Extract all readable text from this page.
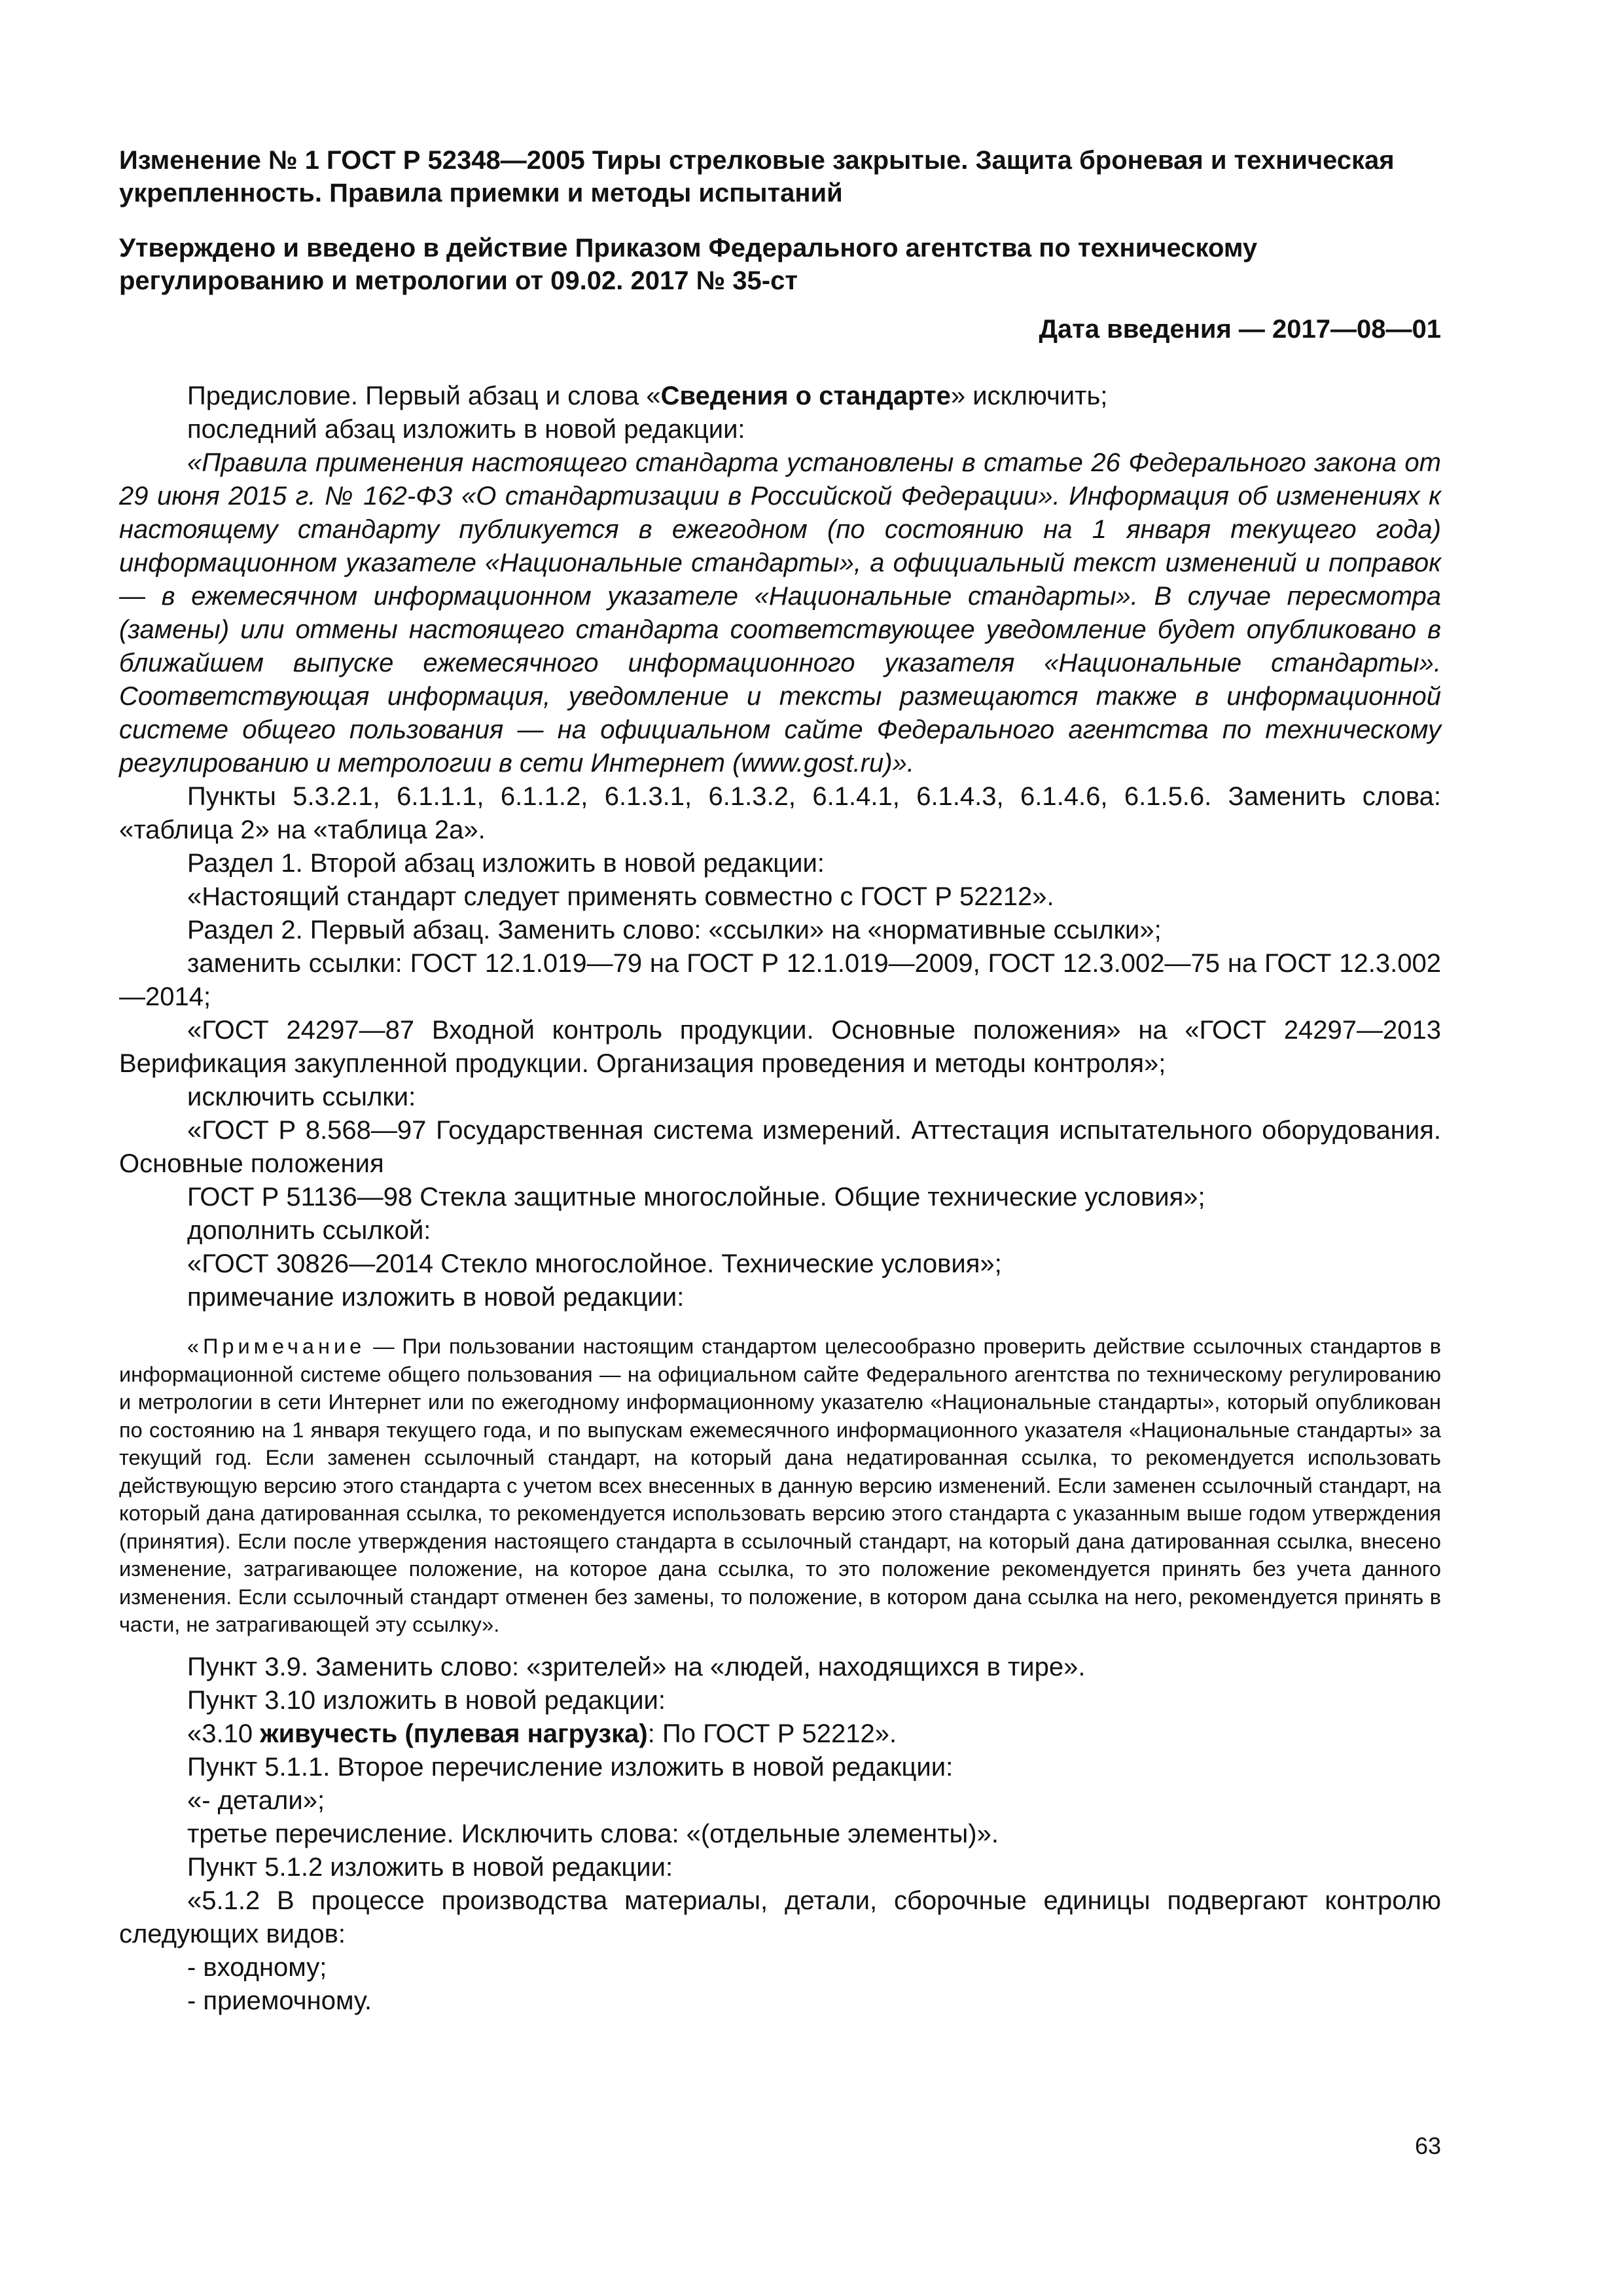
Изменение № 1 ГОСТ Р 52348—2005 Тиры стрелковые закрытые. Защита броневая и техническая укрепленность. Правила приемки и методы испытаний

Утверждено и введено в действие Приказом Федерального агентства по техническому регулированию и метрологии от 09.02. 2017 № 35-ст

Дата введения — 2017—08—01

Предисловие. Первый абзац и слова «Сведения о стандарте» исключить;

последний абзац изложить в новой редакции:

«Правила применения настоящего стандарта установлены в статье 26 Федерального закона от 29 июня 2015 г. № 162-ФЗ «О стандартизации в Российской Федерации». Информация об изменениях к настоящему стандарту публикуется в ежегодном (по состоянию на 1 января текущего года) информационном указателе «Национальные стандарты», а официальный текст изменений и поправок — в ежемесячном информационном указателе «Национальные стандарты». В случае пересмотра (замены) или отмены настоящего стандарта соответствующее уведомление будет опубликовано в ближайшем выпуске ежемесячного информационного указателя «Национальные стандарты». Соответствующая информация, уведомление и тексты размещаются также в информационной системе общего пользования — на официальном сайте Федерального агентства по техническому регулированию и метрологии в сети Интернет (www.gost.ru)».

Пункты 5.3.2.1, 6.1.1.1, 6.1.1.2, 6.1.3.1, 6.1.3.2, 6.1.4.1, 6.1.4.3, 6.1.4.6, 6.1.5.6. Заменить слова: «таблица 2» на «таблица 2а».

Раздел 1. Второй абзац изложить в новой редакции:

«Настоящий стандарт следует применять совместно с ГОСТ Р 52212».

Раздел 2. Первый абзац. Заменить слово: «ссылки» на «нормативные ссылки»;

заменить ссылки: ГОСТ 12.1.019—79 на ГОСТ Р 12.1.019—2009, ГОСТ 12.3.002—75 на ГОСТ 12.3.002—2014;

«ГОСТ 24297—87 Входной контроль продукции. Основные положения» на «ГОСТ 24297—2013 Верификация закупленной продукции. Организация проведения и методы контроля»;

исключить ссылки:

«ГОСТ Р 8.568—97 Государственная система измерений. Аттестация испытательного оборудования. Основные положения

ГОСТ Р 51136—98 Стекла защитные многослойные. Общие технические условия»;

дополнить ссылкой:

«ГОСТ 30826—2014 Стекло многослойное. Технические условия»;

примечание изложить в новой редакции:

«Примечание — При пользовании настоящим стандартом целесообразно проверить действие ссылочных стандартов в информационной системе общего пользования — на официальном сайте Федерального агентства по техническому регулированию и метрологии в сети Интернет или по ежегодному информационному указателю «Национальные стандарты», который опубликован по состоянию на 1 января текущего года, и по выпускам ежемесячного информационного указателя «Национальные стандарты» за текущий год. Если заменен ссылочный стандарт, на который дана недатированная ссылка, то рекомендуется использовать действующую версию этого стандарта с учетом всех внесенных в данную версию изменений. Если заменен ссылочный стандарт, на который дана датированная ссылка, то рекомендуется использовать версию этого стандарта с указанным выше годом утверждения (принятия). Если после утверждения настоящего стандарта в ссылочный стандарт, на который дана датированная ссылка, внесено изменение, затрагивающее положение, на которое дана ссылка, то это положение рекомендуется принять без учета данного изменения. Если ссылочный стандарт отменен без замены, то положение, в котором дана ссылка на него, рекомендуется принять в части, не затрагивающей эту ссылку».

Пункт 3.9. Заменить слово: «зрителей» на «людей, находящихся в тире».

Пункт 3.10 изложить в новой редакции:

«3.10 живучесть (пулевая нагрузка): По ГОСТ Р 52212».

Пункт 5.1.1. Второе перечисление изложить в новой редакции:

«- детали»;

третье перечисление. Исключить слова: «(отдельные элементы)».

Пункт 5.1.2 изложить в новой редакции:

«5.1.2 В процессе производства материалы, детали, сборочные единицы подвергают контролю следующих видов:

- входному;

- приемочному.

63
